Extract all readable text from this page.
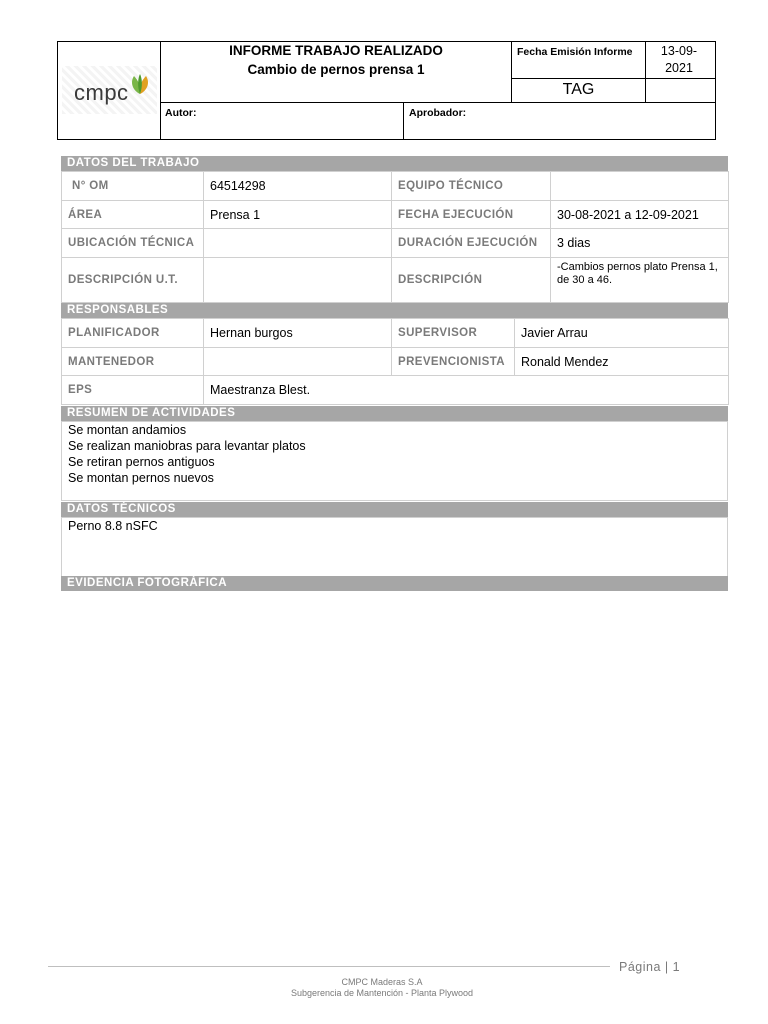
cmpc
INFORME TRABAJO REALIZADO
Cambio de pernos prensa 1
Fecha Emisión Informe	13-09-2021
TAG
Autor:	Aprobador:
DATOS DEL TRABAJO
N° OM	64514298	EQUIPO TÉCNICO	
ÁREA	Prensa 1	FECHA EJECUCIÓN	30-08-2021 a 12-09-2021
UBICACIÓN TÉCNICA		DURACIÓN EJECUCIÓN	3 dias
DESCRIPCIÓN U.T.		DESCRIPCIÓN	-Cambios pernos plato Prensa 1, de 30 a 46.
RESPONSABLES
PLANIFICADOR	Hernan burgos	SUPERVISOR	Javier Arrau
MANTENEDOR		PREVENCIONISTA	Ronald Mendez
EPS	Maestranza Blest.		
RESUMEN DE ACTIVIDADES
Se montan andamios
Se realizan maniobras para levantar platos
Se retiran pernos antiguos
Se montan pernos nuevos
DATOS TÉCNICOS
Perno 8.8 nSFC
EVIDENCIA FOTOGRÁFICA
Página | 1
CMPC Maderas S.A
Subgerencia de Mantención - Planta Plywood
